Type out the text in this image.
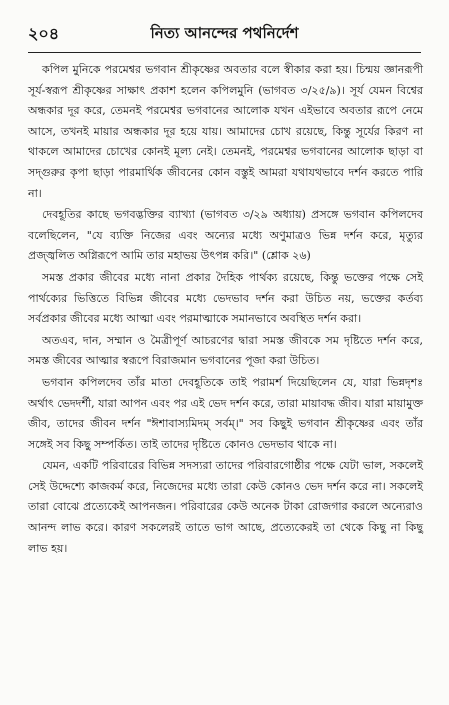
২০৪	নিত্য আনন্দের পথনির্দেশ

কপিল মুনিকে পরমেশ্বর ভগবান শ্রীকৃষ্ণের অবতার বলে স্বীকার করা হয়। চিন্ময় জ্ঞানরূপী সূর্য-স্বরূপ শ্রীকৃষ্ণের সাক্ষাৎ প্রকাশ হলেন কপিলমুনি (ভাগবত ৩/২৫/৯)। সূর্য যেমন বিশ্বের অন্ধকার দূর করে, তেমনই পরমেশ্বর ভগবানের আলোক যখন এইভাবে অবতার রূপে নেমে আসে, তখনই মায়ার অন্ধকার দূর হয়ে যায়। আমাদের চোখ রয়েছে, কিন্তু সূর্যের কিরণ না থাকলে আমাদের চোখের কোনই মূল্য নেই। তেমনই, পরমেশ্বর ভগবানের আলোক ছাড়া বা সদ্গুরুর কৃপা ছাড়া পারমার্থিক জীবনের কোন বস্তুই আমরা যথাযথভাবে দর্শন করতে পারি না।

দেবহূতির কাছে ভগবদ্ভক্তির ব্যাখ্যা (ভাগবত ৩/২৯ অধ্যায়) প্রসঙ্গে ভগবান কপিলদেব বলেছিলেন, "যে ব্যক্তি নিজের এবং অন্যের মধ্যে অণুমাত্রও ভিন্ন দর্শন করে, মৃত্যুর প্রজ্জ্বলিত অগ্নিরূপে আমি তার মহাভয় উৎপন্ন করি।" (শ্লোক ২৬)

সমস্ত প্রকার জীবের মধ্যে নানা প্রকার দৈহিক পার্থক্য রয়েছে, কিন্তু ভক্তের পক্ষে সেই পার্থক্যের ভিত্তিতে বিভিন্ন জীবের মধ্যে ভেদভাব দর্শন করা উচিত নয়, ভক্তের কর্তব্য সর্বপ্রকার জীবের মধ্যে আত্মা এবং পরমাত্মাকে সমানভাবে অবস্থিত দর্শন করা।

অতএব, দান, সম্মান ও মৈত্রীপূর্ণ আচরণের দ্বারা সমস্ত জীবকে সম দৃষ্টিতে দর্শন করে, সমস্ত জীবের আত্মার স্বরূপে বিরাজমান ভগবানের পূজা করা উচিত।

ভগবান কপিলদেব তাঁর মাতা দেবহূতিকে তাই পরামর্শ দিয়েছিলেন যে, যারা ভিন্নদৃশঃ অর্থাৎ ভেদদর্শী, যারা আপন এবং পর এই ভেদ দর্শন করে, তারা মায়াবদ্ধ জীব। যারা মায়ামুক্ত জীব, তাদের জীবন দর্শন "ঈশাবাস্যমিদম্ সর্বম্।" সব কিছুই ভগবান শ্রীকৃষ্ণের এবং তাঁর সঙ্গেই সব কিছু সম্পর্কিত। তাই তাদের দৃষ্টিতে কোনও ভেদভাব থাকে না।

যেমন, একটি পরিবারের বিভিন্ন সদস্যরা তাদের পরিবারগোষ্ঠীর পক্ষে যেটা ভাল, সকলেই সেই উদ্দেশ্যে কাজকর্ম করে, নিজেদের মধ্যে তারা কেউ কোনও ভেদ দর্শন করে না। সকলেই তারা বোঝে প্রত্যেকেই আপনজন। পরিবারের কেউ অনেক টাকা রোজগার করলে অন্যেরাও আনন্দ লাভ করে। কারণ সকলেরই তাতে ভাগ আছে, প্রত্যেকেরই তা থেকে কিছু না কিছু লাভ হয়।
